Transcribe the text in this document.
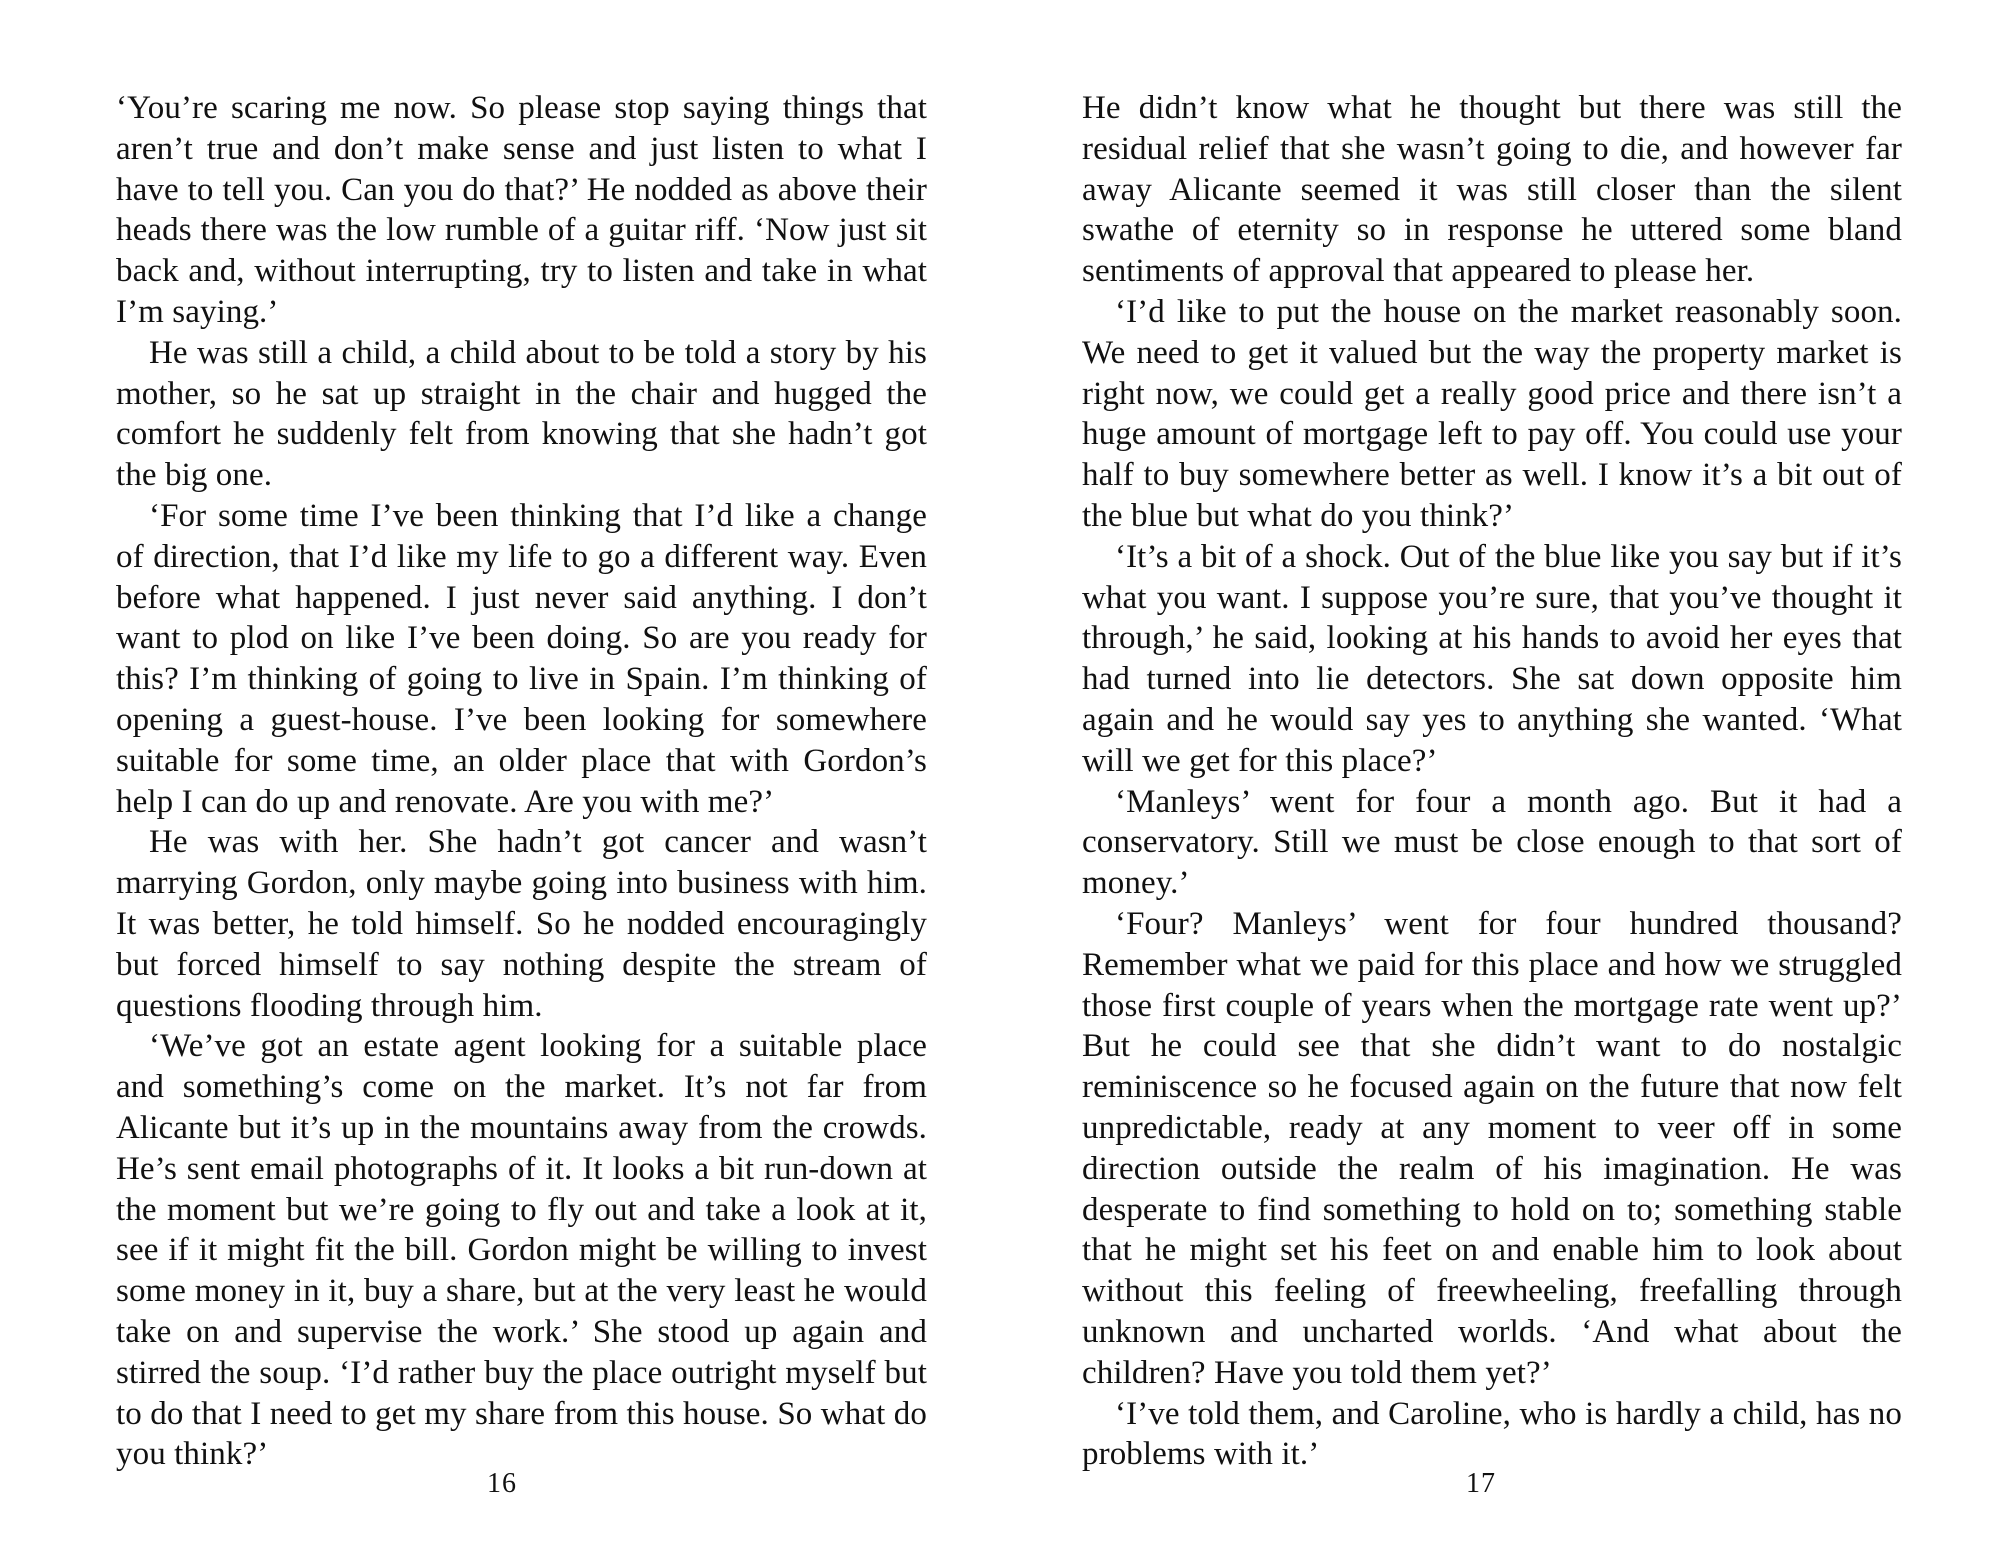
‘You’re scaring me now. So please stop saying things that aren’t true and don’t make sense and just listen to what I have to tell you. Can you do that?’ He nodded as above their heads there was the low rumble of a guitar riff. ‘Now just sit back and, without interrupting, try to listen and take in what I’m saying.’

He was still a child, a child about to be told a story by his mother, so he sat up straight in the chair and hugged the comfort he suddenly felt from knowing that she hadn’t got the big one.

‘For some time I’ve been thinking that I’d like a change of direction, that I’d like my life to go a different way. Even before what happened. I just never said anything. I don’t want to plod on like I’ve been doing. So are you ready for this? I’m thinking of going to live in Spain. I’m thinking of opening a guest-house. I’ve been looking for somewhere suitable for some time, an older place that with Gordon’s help I can do up and renovate. Are you with me?’

He was with her. She hadn’t got cancer and wasn’t marrying Gordon, only maybe going into business with him. It was better, he told himself. So he nodded encouragingly but forced himself to say nothing despite the stream of questions flooding through him.

‘We’ve got an estate agent looking for a suitable place and something’s come on the market. It’s not far from Alicante but it’s up in the mountains away from the crowds. He’s sent email photographs of it. It looks a bit run-down at the moment but we’re going to fly out and take a look at it, see if it might fit the bill. Gordon might be willing to invest some money in it, buy a share, but at the very least he would take on and supervise the work.’ She stood up again and stirred the soup. ‘I’d rather buy the place outright myself but to do that I need to get my share from this house. So what do you think?’

He didn’t know what he thought but there was still the residual relief that she wasn’t going to die, and however far away Alicante seemed it was still closer than the silent swathe of eternity so in response he uttered some bland sentiments of approval that appeared to please her.

‘I’d like to put the house on the market reasonably soon. We need to get it valued but the way the property market is right now, we could get a really good price and there isn’t a huge amount of mortgage left to pay off. You could use your half to buy somewhere better as well. I know it’s a bit out of the blue but what do you think?’

‘It’s a bit of a shock. Out of the blue like you say but if it’s what you want. I suppose you’re sure, that you’ve thought it through,’ he said, looking at his hands to avoid her eyes that had turned into lie detectors. She sat down opposite him again and he would say yes to anything she wanted. ‘What will we get for this place?’

‘Manleys’ went for four a month ago. But it had a conservatory. Still we must be close enough to that sort of money.’

‘Four? Manleys’ went for four hundred thousand? Remember what we paid for this place and how we struggled those first couple of years when the mortgage rate went up?’ But he could see that she didn’t want to do nostalgic reminiscence so he focused again on the future that now felt unpredictable, ready at any moment to veer off in some direction outside the realm of his imagination. He was desperate to find something to hold on to; something stable that he might set his feet on and enable him to look about without this feeling of freewheeling, freefalling through unknown and uncharted worlds. ‘And what about the children? Have you told them yet?’

‘I’ve told them, and Caroline, who is hardly a child, has no problems with it.’

16	17
